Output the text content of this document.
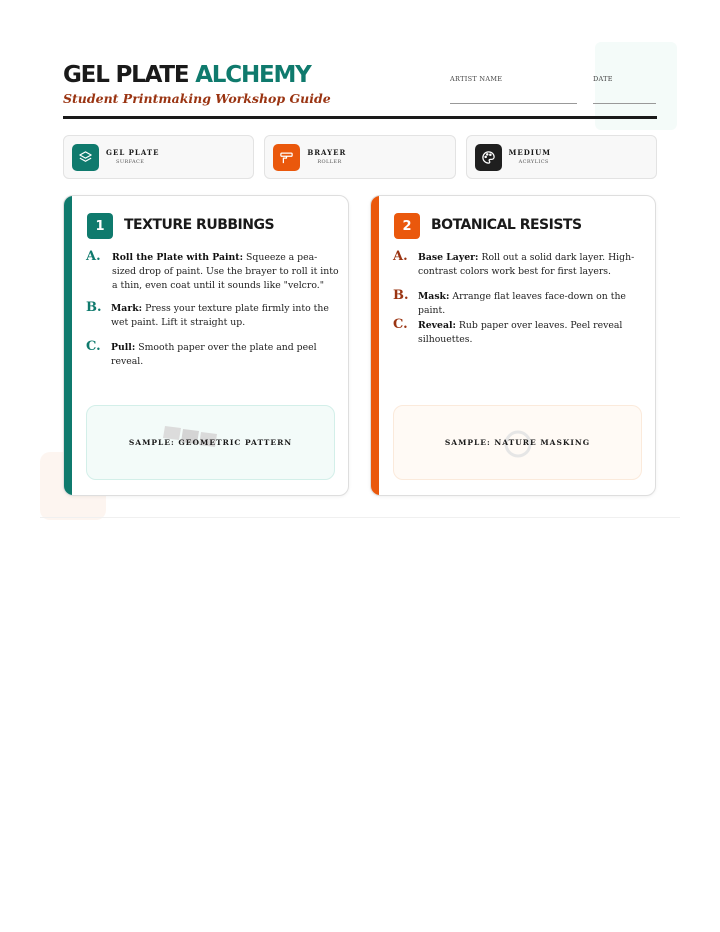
GEL PLATE ALCHEMY
Student Printmaking Workshop Guide
ARTIST NAME	DATE
GEL PLATE
SURFACE
BRAYER
ROLLER
MEDIUM
ACRYLICS
1	TEXTURE RUBBINGS
A. Roll the Plate with Paint: Squeeze a pea-sized drop of paint. Use the brayer to roll it into a thin, even coat until it sounds like "velcro."
B. Mark: Press your texture plate firmly into the wet paint. Lift it straight up.
C. Pull: Smooth paper over the plate and peel reveal.
SAMPLE: GEOMETRIC PATTERN
2	BOTANICAL RESISTS
A. Base Layer: Roll out a solid dark layer. High-contrast colors work best for first layers.
B. Mask: Arrange flat leaves face-down on the paint.
C. Reveal: Rub paper over leaves. Peel reveal silhouettes.
SAMPLE: NATURE MASKING
